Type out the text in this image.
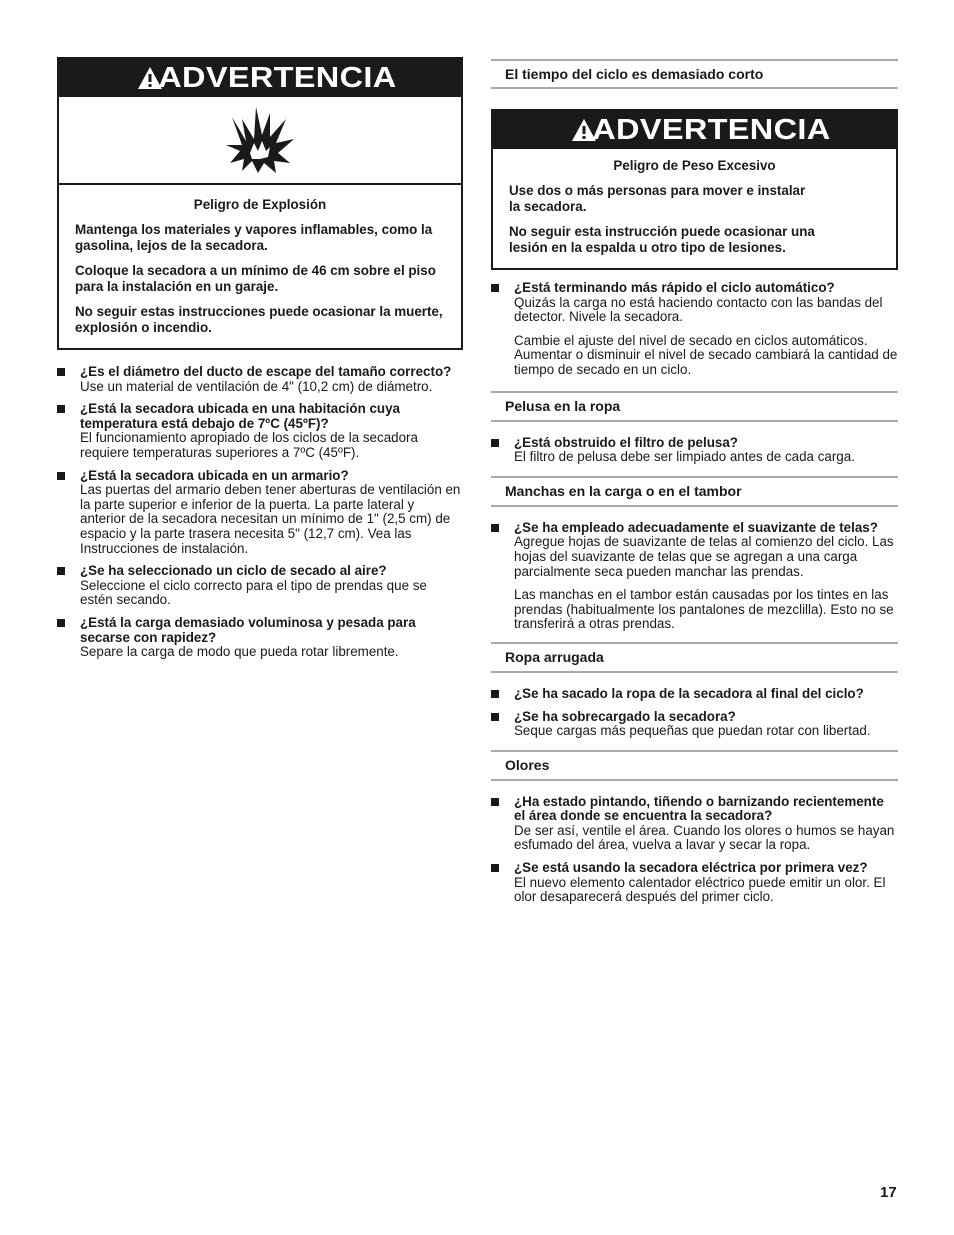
ADVERTENCIA

Peligro de Explosión

Mantenga los materiales y vapores inflamables, como la gasolina, lejos de la secadora.

Coloque la secadora a un mínimo de 46 cm sobre el piso para la instalación en un garaje.

No seguir estas instrucciones puede ocasionar la muerte, explosión o incendio.

¿Es el diámetro del ducto de escape del tamaño correcto?
Use un material de ventilación de 4" (10,2 cm) de diámetro.
¿Está la secadora ubicada en una habitación cuya temperatura está debajo de 7ºC (45ºF)?
El funcionamiento apropiado de los ciclos de la secadora requiere temperaturas superiores a 7ºC (45ºF).
¿Está la secadora ubicada en un armario?
Las puertas del armario deben tener aberturas de ventilación en la parte superior e inferior de la puerta. La parte lateral y anterior de la secadora necesitan un mínimo de 1" (2,5 cm) de espacio y la parte trasera necesita 5" (12,7 cm). Vea las Instrucciones de instalación.
¿Se ha seleccionado un ciclo de secado al aire?
Seleccione el ciclo correcto para el tipo de prendas que se estén secando.
¿Está la carga demasiado voluminosa y pesada para secarse con rapidez?
Separe la carga de modo que pueda rotar libremente.
El tiempo del ciclo es demasiado corto
ADVERTENCIA

Peligro de Peso Excesivo

Use dos o más personas para mover e instalar la secadora.

No seguir esta instrucción puede ocasionar una lesión en la espalda u otro tipo de lesiones.

¿Está terminando más rápido el ciclo automático?
Quizás la carga no está haciendo contacto con las bandas del detector. Nivele la secadora.
Cambie el ajuste del nivel de secado en ciclos automáticos. Aumentar o disminuir el nivel de secado cambiará la cantidad de tiempo de secado en un ciclo.
Pelusa en la ropa
¿Está obstruido el filtro de pelusa?
El filtro de pelusa debe ser limpiado antes de cada carga.
Manchas en la carga o en el tambor
¿Se ha empleado adecuadamente el suavizante de telas?
Agregue hojas de suavizante de telas al comienzo del ciclo. Las hojas del suavizante de telas que se agregan a una carga parcialmente seca pueden manchar las prendas.
Las manchas en el tambor están causadas por los tintes en las prendas (habitualmente los pantalones de mezclilla). Esto no se transferirá a otras prendas.
Ropa arrugada
¿Se ha sacado la ropa de la secadora al final del ciclo?
¿Se ha sobrecargado la secadora?
Seque cargas más pequeñas que puedan rotar con libertad.
Olores
¿Ha estado pintando, tiñendo o barnizando recientemente el área donde se encuentra la secadora?
De ser así, ventile el área. Cuando los olores o humos se hayan esfumado del área, vuelva a lavar y secar la ropa.
¿Se está usando la secadora eléctrica por primera vez?
El nuevo elemento calentador eléctrico puede emitir un olor. El olor desaparecerá después del primer ciclo.
17
